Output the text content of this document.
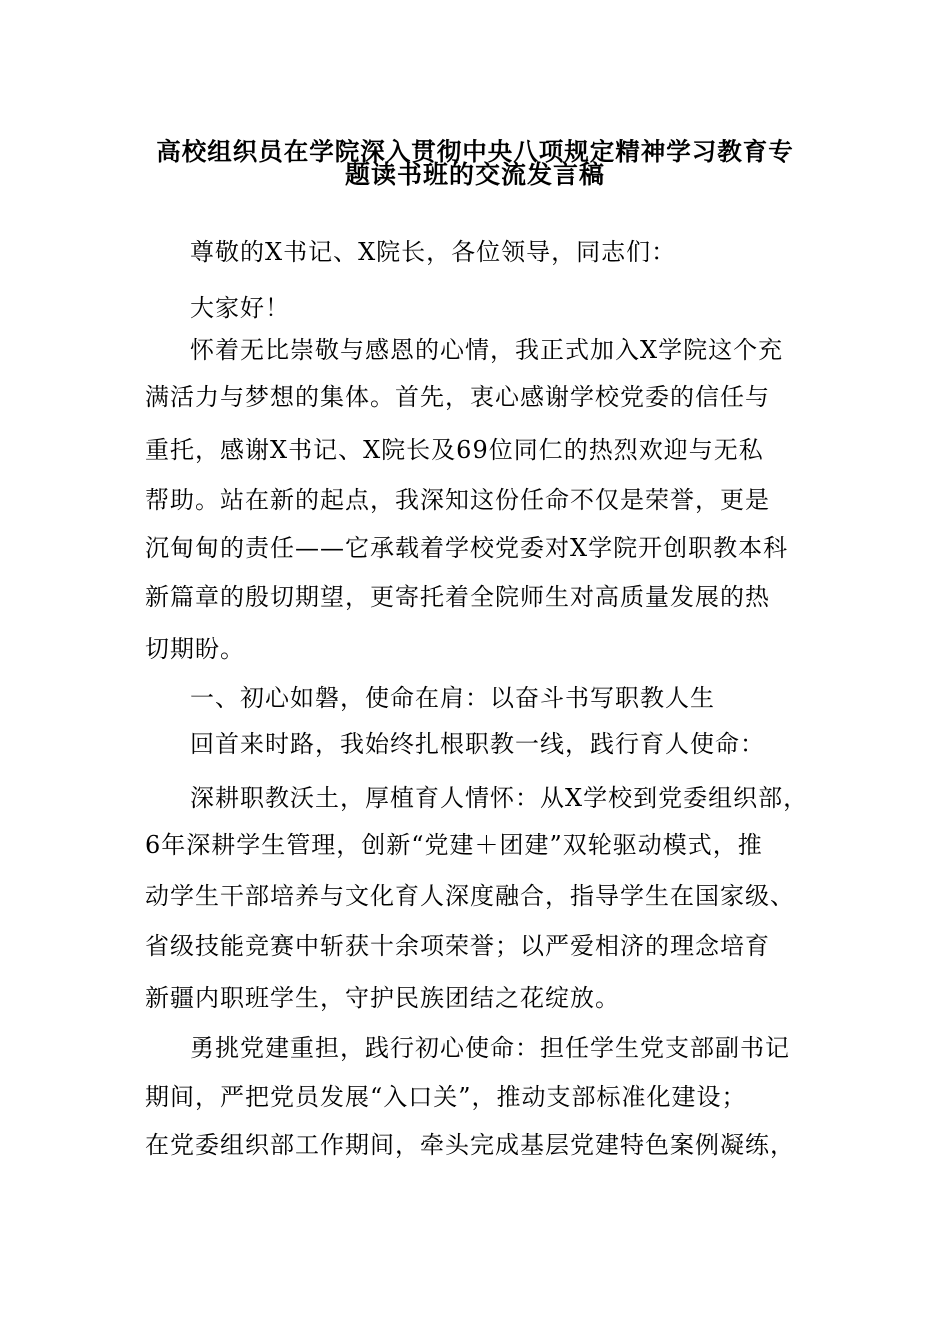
高校组织员在学院深入贯彻中央八项规定精神学习教育专
题读书班的交流发言稿
尊敬的X书记、X院长，各位领导，同志们：
大家好！
怀着无比崇敬与感恩的心情，我正式加入X学院这个充
满活力与梦想的集体。首先，衷心感谢学校党委的信任与
重托，感谢X书记、X院长及69位同仁的热烈欢迎与无私
帮助。站在新的起点，我深知这份任命不仅是荣誉，更是
沉甸甸的责任——它承载着学校党委对X学院开创职教本科
新篇章的殷切期望，更寄托着全院师生对高质量发展的热
切期盼。
一、初心如磐，使命在肩：以奋斗书写职教人生
回首来时路，我始终扎根职教一线，践行育人使命：
深耕职教沃土，厚植育人情怀：从X学校到党委组织部，
6年深耕学生管理，创新“党建＋团建”双轮驱动模式，推
动学生干部培养与文化育人深度融合，指导学生在国家级、
省级技能竞赛中斩获十余项荣誉；以严爱相济的理念培育
新疆内职班学生，守护民族团结之花绽放。
勇挑党建重担，践行初心使命：担任学生党支部副书记
期间，严把党员发展“入口关”，推动支部标准化建设；
在党委组织部工作期间，牵头完成基层党建特色案例凝练，
